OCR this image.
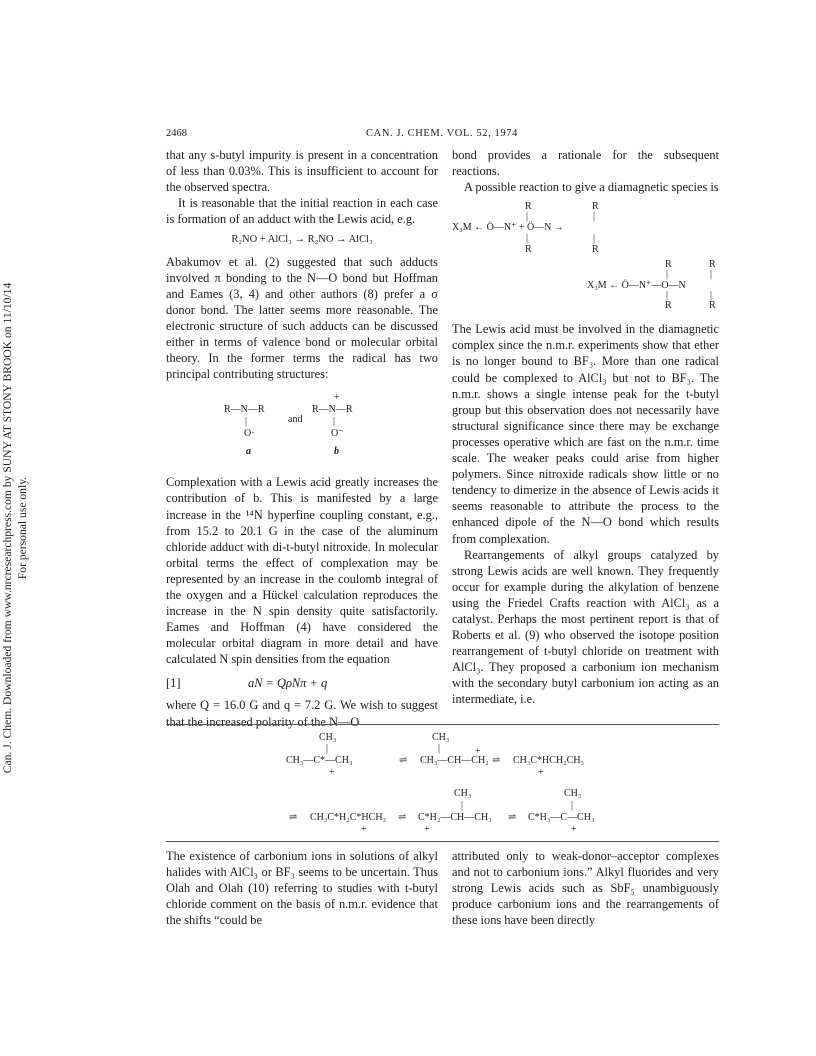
2468	CAN. J. CHEM. VOL. 52, 1974
Can. J. Chem. Downloaded from www.nrcresearchpress.com by SUNY AT STONY BROOK on 11/10/14 For personal use only.

that any s-butyl impurity is present in a concentration of less than 0.03%. This is insufficient to account for the observed spectra.

It is reasonable that the initial reaction in each case is formation of an adduct with the Lewis acid, e.g.

R₂NO + AlCl₃ → R₂NO → AlCl₃

Abakumov et al. (2) suggested that such adducts involved π bonding to the N—O bond but Hoffman and Eames (3, 4) and other authors (8) prefer a σ donor bond. The latter seems more reasonable. The electronic structure of such adducts can be discussed either in terms of valence bond or molecular orbital theory. In the former terms the radical has two principal contributing structures:

R—N—R
|
O·
and
+
R—N—R
|
O⁻
a	b

Complexation with a Lewis acid greatly increases the contribution of b. This is manifested by a large increase in the ¹⁴N hyperfine coupling constant, e.g., from 15.2 to 20.1 G in the case of the aluminum chloride adduct with di-t-butyl nitroxide. In molecular orbital terms the effect of complexation may be represented by an increase in the coulomb integral of the oxygen and a Hückel calculation reproduces the increase in the N spin density quite satisfactorily. Eames and Hoffman (4) have considered the molecular orbital diagram in more detail and have calculated N spin densities from the equation

[1]	aN = QρNπ + q

where Q = 16.0 G and q = 7.2 G. We wish to suggest that the increased polarity of the N—O

bond provides a rationale for the subsequent reactions.

A possible reaction to give a diamagnetic species is

R	R
|	|
X₃M ← Ö—N⁺ + Ö—N →
|	|
R	R
R	R
|	|
X₃M ← Ö—N⁺—O—N
|	|
R	R

The Lewis acid must be involved in the diamagnetic complex since the n.m.r. experiments show that ether is no longer bound to BF₃. More than one radical could be complexed to AlCl₃ but not to BF₃. The n.m.r. shows a single intense peak for the t-butyl group but this observation does not necessarily have structural significance since there may be exchange processes operative which are fast on the n.m.r. time scale. The weaker peaks could arise from higher polymers. Since nitroxide radicals show little or no tendency to dimerize in the absence of Lewis acids it seems reasonable to attribute the process to the enhanced dipole of the N—O bond which results from complexation.

Rearrangements of alkyl groups catalyzed by strong Lewis acids are well known. They frequently occur for example during the alkylation of benzene using the Friedel Crafts reaction with AlCl₃ as a catalyst. Perhaps the most pertinent report is that of Roberts et al. (9) who observed the isotope position rearrangement of t-butyl chloride on treatment with AlCl₃. They proposed a carbonium ion mechanism with the secondary butyl carbonium ion acting as an intermediate, i.e.

CH₃
|
CH₃—C*—CH₃
+
⇌
CH₃
|
CH₃—CH—CH₂
+
⇌ CH₃C*HCH₂CH₃
+
⇌ CH₃C*H₂C*HCH₃
+
⇌
CH₃
|
C*H₂—CH—CH₃
+
⇌
CH₃
|
C*H₃—C—CH₃
+

The existence of carbonium ions in solutions of alkyl halides with AlCl₃ or BF₃ seems to be uncertain. Thus Olah and Olah (10) referring to studies with t-butyl chloride comment on the basis of n.m.r. evidence that the shifts “could be

attributed only to weak-donor–acceptor complexes and not to carbonium ions.” Alkyl fluorides and very strong Lewis acids such as SbF₅ unambiguously produce carbonium ions and the rearrangements of these ions have been directly
